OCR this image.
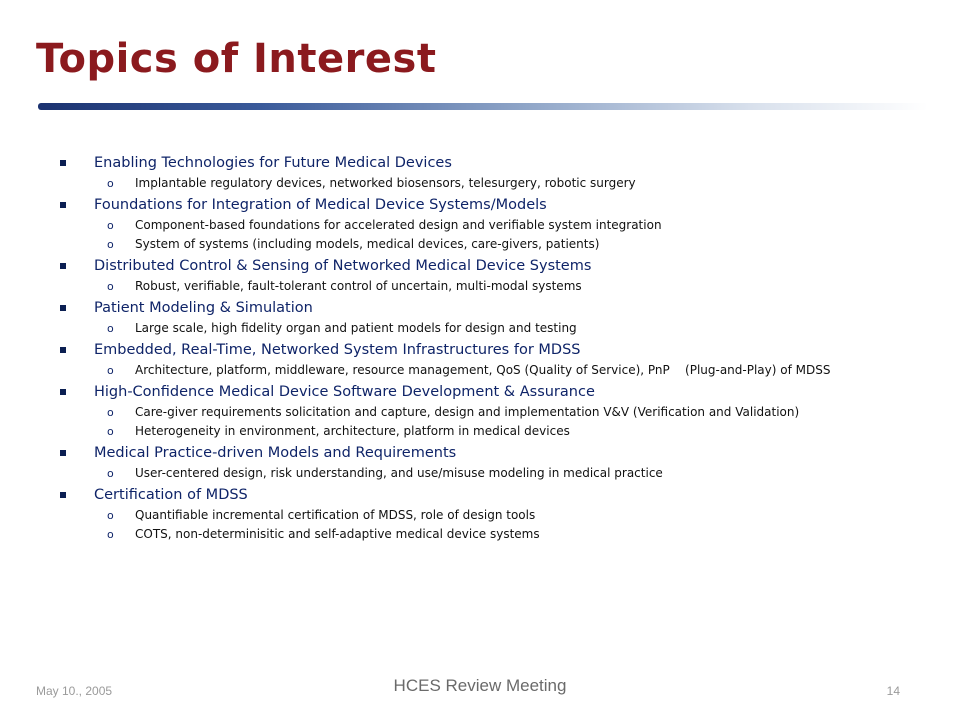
Topics of Interest
Enabling Technologies for Future Medical Devices
o Implantable regulatory devices, networked biosensors, telesurgery, robotic surgery
Foundations for Integration of Medical Device Systems/Models
o Component-based foundations for accelerated design and verifiable system integration
o System of systems (including models, medical devices, care-givers, patients)
Distributed Control & Sensing of Networked Medical Device Systems
o Robust, verifiable, fault-tolerant control of uncertain, multi-modal systems
Patient Modeling & Simulation
o Large scale, high fidelity organ and patient models for design and testing
Embedded, Real-Time, Networked System Infrastructures for MDSS
o Architecture, platform, middleware, resource management, QoS (Quality of Service), PnP    (Plug-and-Play) of MDSS
High-Confidence Medical Device Software Development & Assurance
o Care-giver requirements solicitation and capture, design and implementation V&V (Verification and Validation)
o Heterogeneity in environment, architecture, platform in medical devices
Medical Practice-driven Models and Requirements
o User-centered design, risk understanding, and use/misuse modeling in medical practice
Certification of MDSS
o Quantifiable incremental certification of MDSS, role of design tools
o COTS, non-determinisitic and self-adaptive medical device systems
May 10., 2005	HCES Review Meeting	14
